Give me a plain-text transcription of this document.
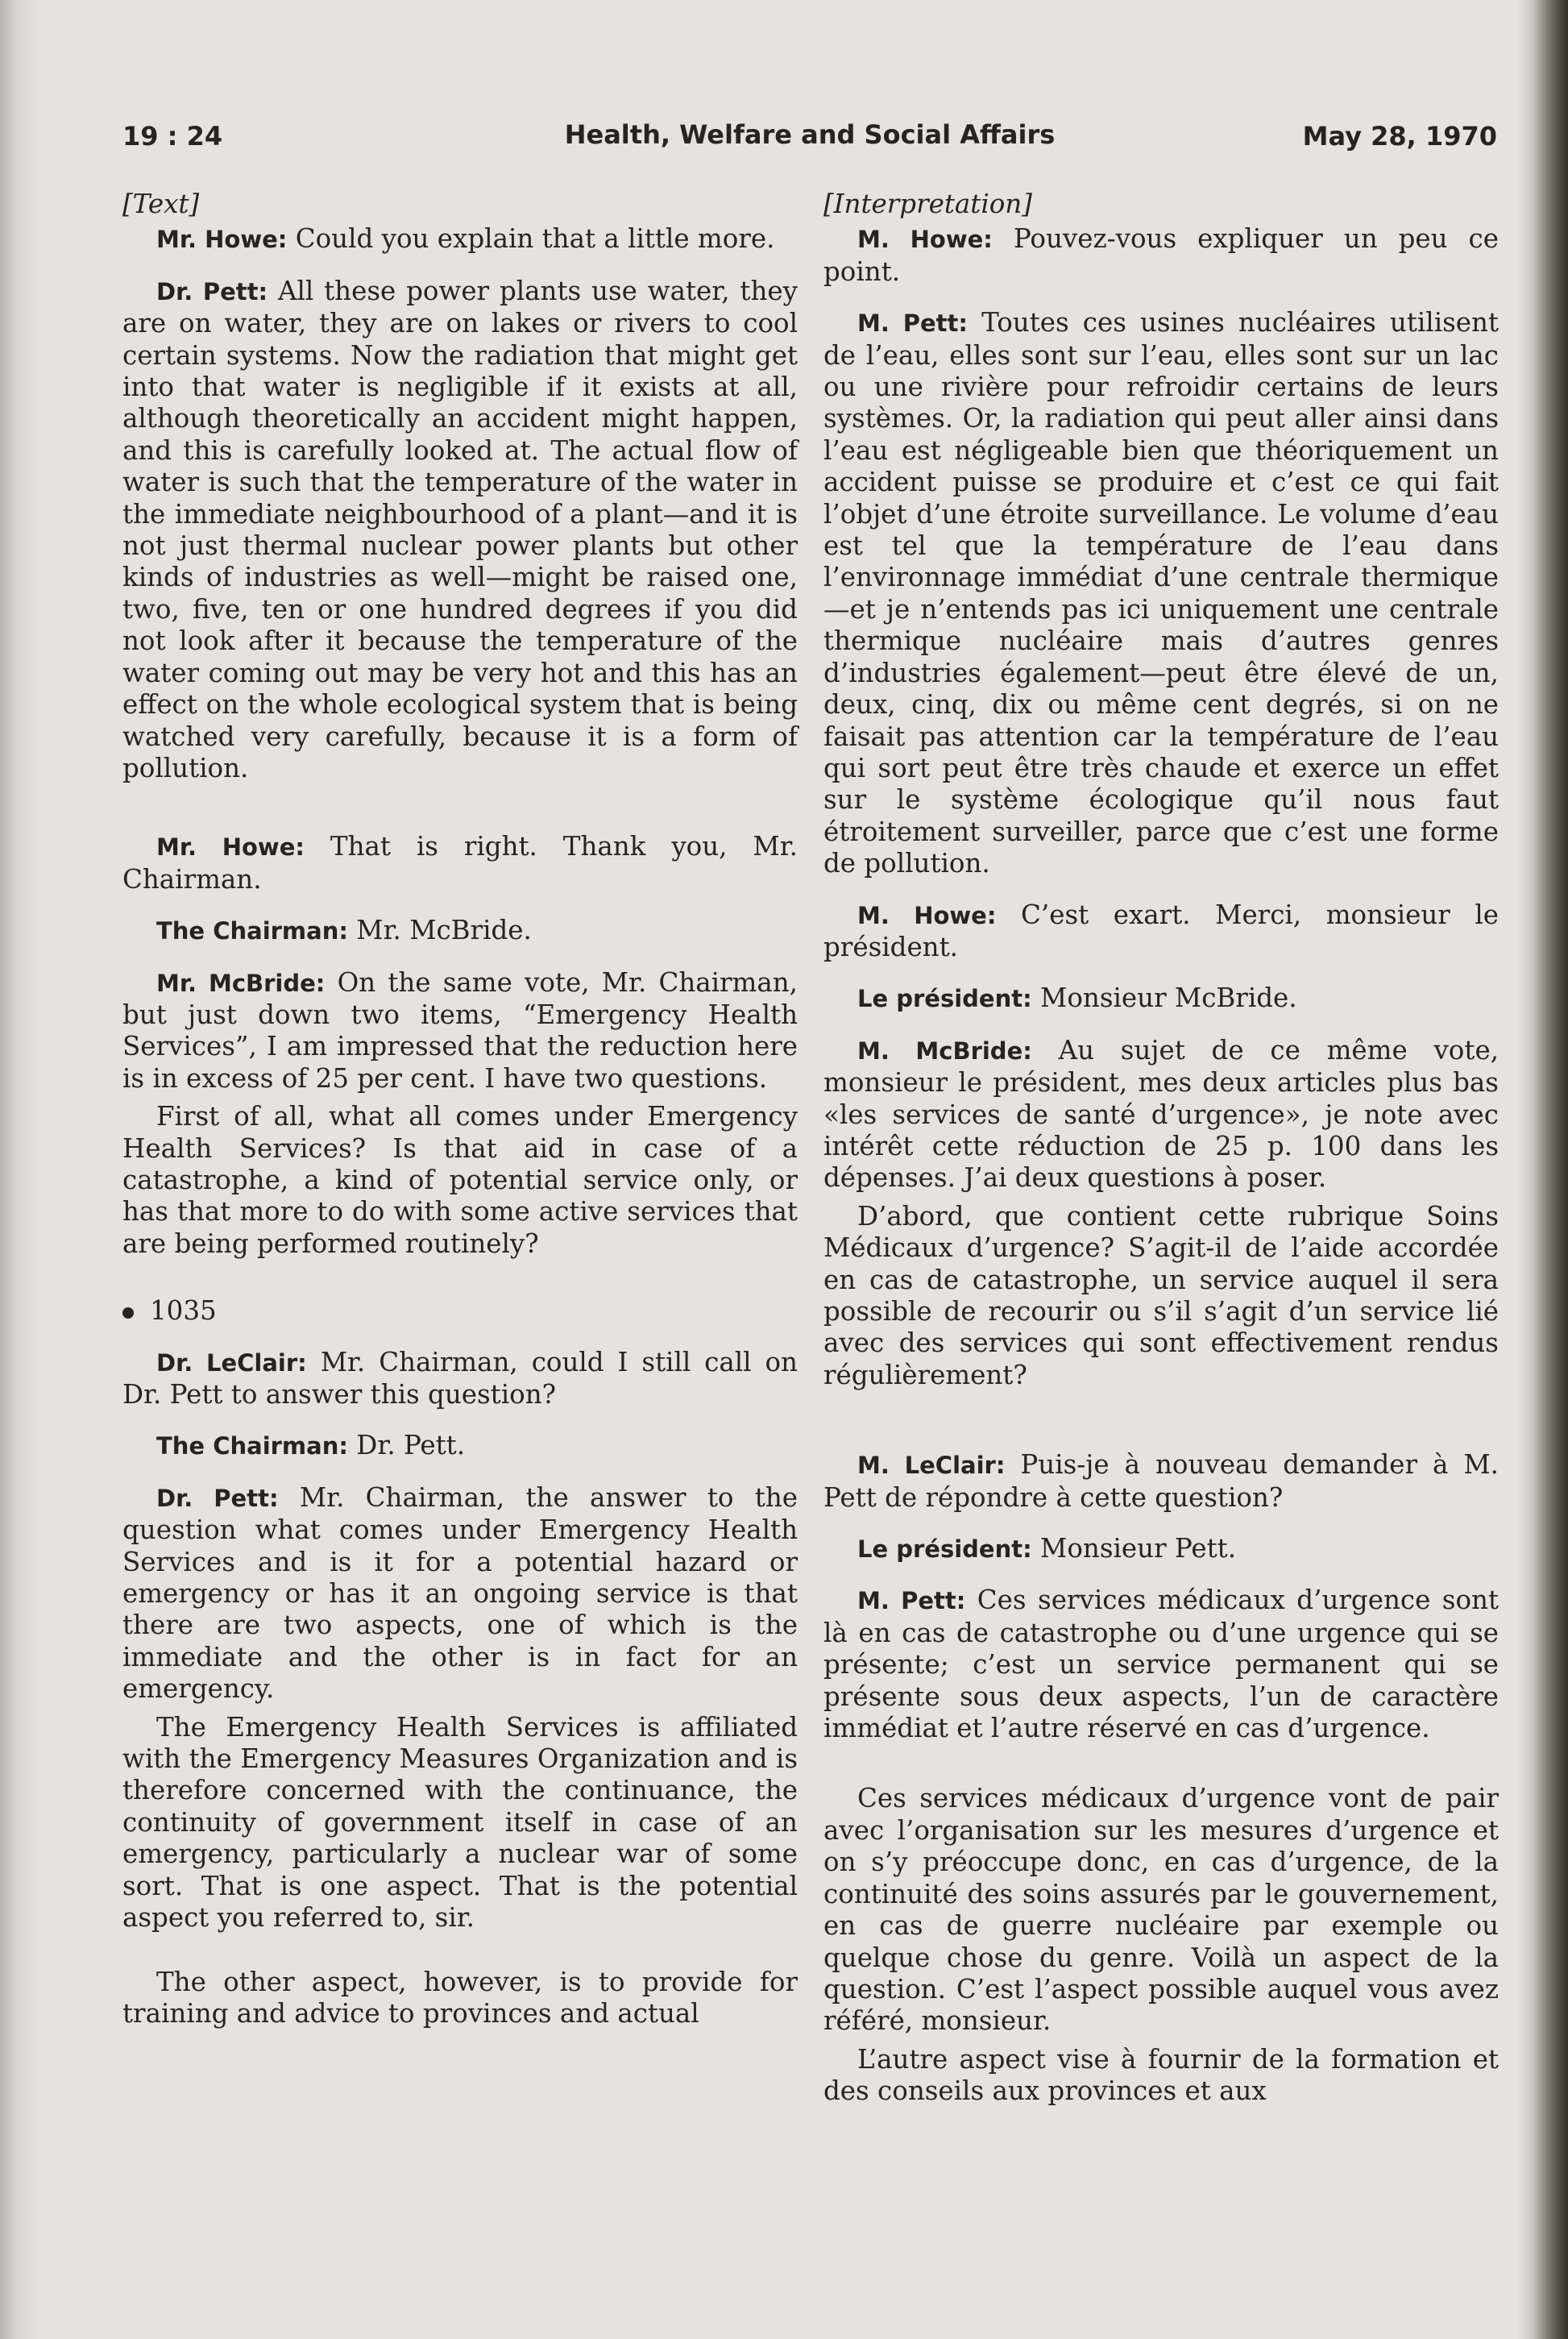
19 : 24	Health, Welfare and Social Affairs	May 28, 1970

[Text]

Mr. Howe: Could you explain that a little more.

Dr. Pett: All these power plants use water, they are on water, they are on lakes or rivers to cool certain systems. Now the radiation that might get into that water is negligible if it exists at all, although theoretically an accident might happen, and this is carefully looked at. The actual flow of water is such that the temperature of the water in the immediate neighbourhood of a plant—and it is not just thermal nuclear power plants but other kinds of industries as well—might be raised one, two, five, ten or one hundred degrees if you did not look after it because the temperature of the water coming out may be very hot and this has an effect on the whole ecological system that is being watched very carefully, because it is a form of pollution.

Mr. Howe: That is right. Thank you, Mr. Chairman.

The Chairman: Mr. McBride.

Mr. McBride: On the same vote, Mr. Chairman, but just down two items, “Emergency Health Services”, I am impressed that the reduction here is in excess of 25 per cent. I have two questions.

First of all, what all comes under Emergency Health Services? Is that aid in case of a catastrophe, a kind of potential service only, or has that more to do with some active services that are being performed routinely?

1035

Dr. LeClair: Mr. Chairman, could I still call on Dr. Pett to answer this question?

The Chairman: Dr. Pett.

Dr. Pett: Mr. Chairman, the answer to the question what comes under Emergency Health Services and is it for a potential hazard or emergency or has it an ongoing service is that there are two aspects, one of which is the immediate and the other is in fact for an emergency.

The Emergency Health Services is affiliated with the Emergency Measures Organization and is therefore concerned with the continuance, the continuity of government itself in case of an emergency, particularly a nuclear war of some sort. That is one aspect. That is the potential aspect you referred to, sir.

The other aspect, however, is to provide for training and advice to provinces and actual

[Interpretation]

M. Howe: Pouvez-vous expliquer un peu ce point.

M. Pett: Toutes ces usines nucléaires utilisent de l’eau, elles sont sur l’eau, elles sont sur un lac ou une rivière pour refroidir certains de leurs systèmes. Or, la radiation qui peut aller ainsi dans l’eau est négligeable bien que théoriquement un accident puisse se produire et c’est ce qui fait l’objet d’une étroite surveillance. Le volume d’eau est tel que la température de l’eau dans l’environnage immédiat d’une centrale thermique—et je n’entends pas ici uniquement une centrale thermique nucléaire mais d’autres genres d’industries également—peut être élevé de un, deux, cinq, dix ou même cent degrés, si on ne faisait pas attention car la température de l’eau qui sort peut être très chaude et exerce un effet sur le système écologique qu’il nous faut étroitement surveiller, parce que c’est une forme de pollution.

M. Howe: C’est exart. Merci, monsieur le président.

Le président: Monsieur McBride.

M. McBride: Au sujet de ce même vote, monsieur le président, mes deux articles plus bas «les services de santé d’urgence», je note avec intérêt cette réduction de 25 p. 100 dans les dépenses. J’ai deux questions à poser.

D’abord, que contient cette rubrique Soins Médicaux d’urgence? S’agit-il de l’aide accordée en cas de catastrophe, un service auquel il sera possible de recourir ou s’il s’agit d’un service lié avec des services qui sont effectivement rendus régulièrement?

M. LeClair: Puis-je à nouveau demander à M. Pett de répondre à cette question?

Le président: Monsieur Pett.

M. Pett: Ces services médicaux d’urgence sont là en cas de catastrophe ou d’une urgence qui se présente; c’est un service permanent qui se présente sous deux aspects, l’un de caractère immédiat et l’autre réservé en cas d’urgence.

Ces services médicaux d’urgence vont de pair avec l’organisation sur les mesures d’urgence et on s’y préoccupe donc, en cas d’urgence, de la continuité des soins assurés par le gouvernement, en cas de guerre nucléaire par exemple ou quelque chose du genre. Voilà un aspect de la question. C’est l’aspect possible auquel vous avez référé, monsieur.

L’autre aspect vise à fournir de la formation et des conseils aux provinces et aux
